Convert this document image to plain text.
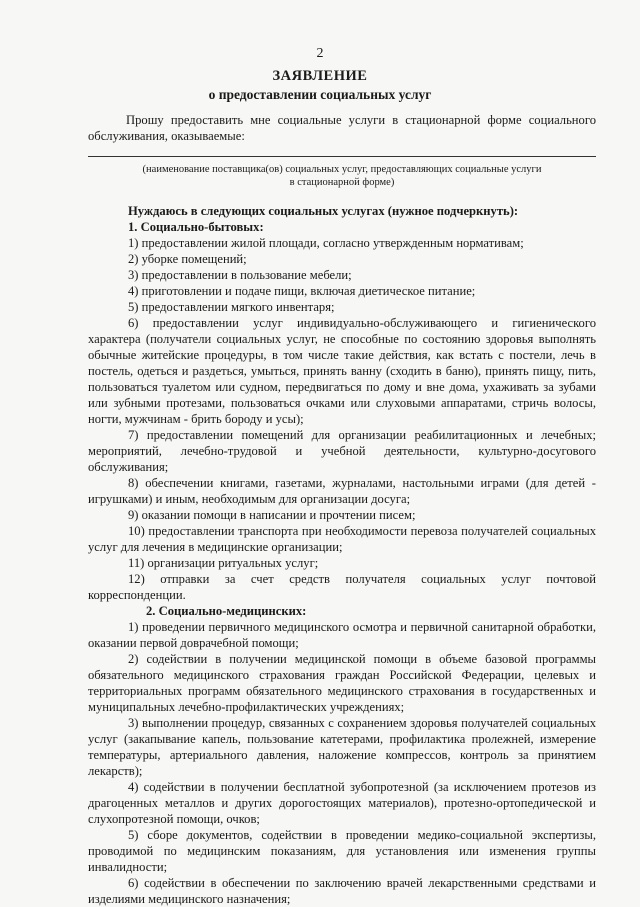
2
ЗАЯВЛЕНИЕ
о предоставлении социальных услуг

Прошу предоставить мне социальные услуги в стационарной форме социального обслуживания, оказываемые:

(наименование поставщика(ов) социальных услуг, предоставляющих социальные услуги

в стационарной форме)

Нуждаюсь в следующих социальных услугах (нужное подчеркнуть):

1. Социально-бытовых:

1) предоставлении жилой площади, согласно утвержденным нормативам;

2) уборке помещений;

3) предоставлении в пользование мебели;

4) приготовлении и подаче пищи, включая диетическое питание;

5) предоставлении мягкого инвентаря;

6) предоставлении услуг индивидуально-обслуживающего и гигиенического характера (получатели социальных услуг, не способные по состоянию здоровья выполнять обычные житейские процедуры, в том числе такие действия, как встать с постели, лечь в постель, одеться и раздеться, умыться, принять ванну (сходить в баню), принять пищу, пить, пользоваться туалетом или судном, передвигаться по дому и вне дома, ухаживать за зубами или зубными протезами, пользоваться очками или слуховыми аппаратами, стричь волосы, ногти, мужчинам - брить бороду и усы);

7) предоставлении помещений для организации реабилитационных и лечебных; мероприятий, лечебно-трудовой и учебной деятельности, культурно-досугового обслуживания;

8) обеспечении книгами, газетами, журналами, настольными играми (для детей - игрушками) и иным, необходимым для организации досуга;

9) оказании помощи в написании и прочтении писем;

10) предоставлении транспорта при необходимости перевоза получателей социальных услуг для лечения в медицинские организации;

11) организации ритуальных услуг;

12) отправки за счет средств получателя социальных услуг почтовой корреспонденции.

2. Социально-медицинских:

1) проведении первичного медицинского осмотра и первичной санитарной обработки, оказании первой доврачебной помощи;

2) содействии в получении медицинской помощи в объеме базовой программы обязательного медицинского страхования граждан Российской Федерации, целевых и территориальных программ обязательного медицинского страхования в государственных и муниципальных лечебно-профилактических учреждениях;

3) выполнении процедур, связанных с сохранением здоровья получателей социальных услуг (закапывание капель, пользование катетерами, профилактика пролежней, измерение температуры, артериального давления, наложение компрессов, контроль за принятием лекарств);

4) содействии в получении бесплатной зубопротезной (за исключением протезов из драгоценных металлов и других дорогостоящих материалов), протезно-ортопедической и слухопротезной помощи, очков;

5) сборе документов, содействии в проведении медико-социальной экспертизы, проводимой по медицинским показаниям, для установления или изменения группы инвалидности;

6) содействии в обеспечении по заключению врачей лекарственными средствами и изделиями медицинского назначения;
